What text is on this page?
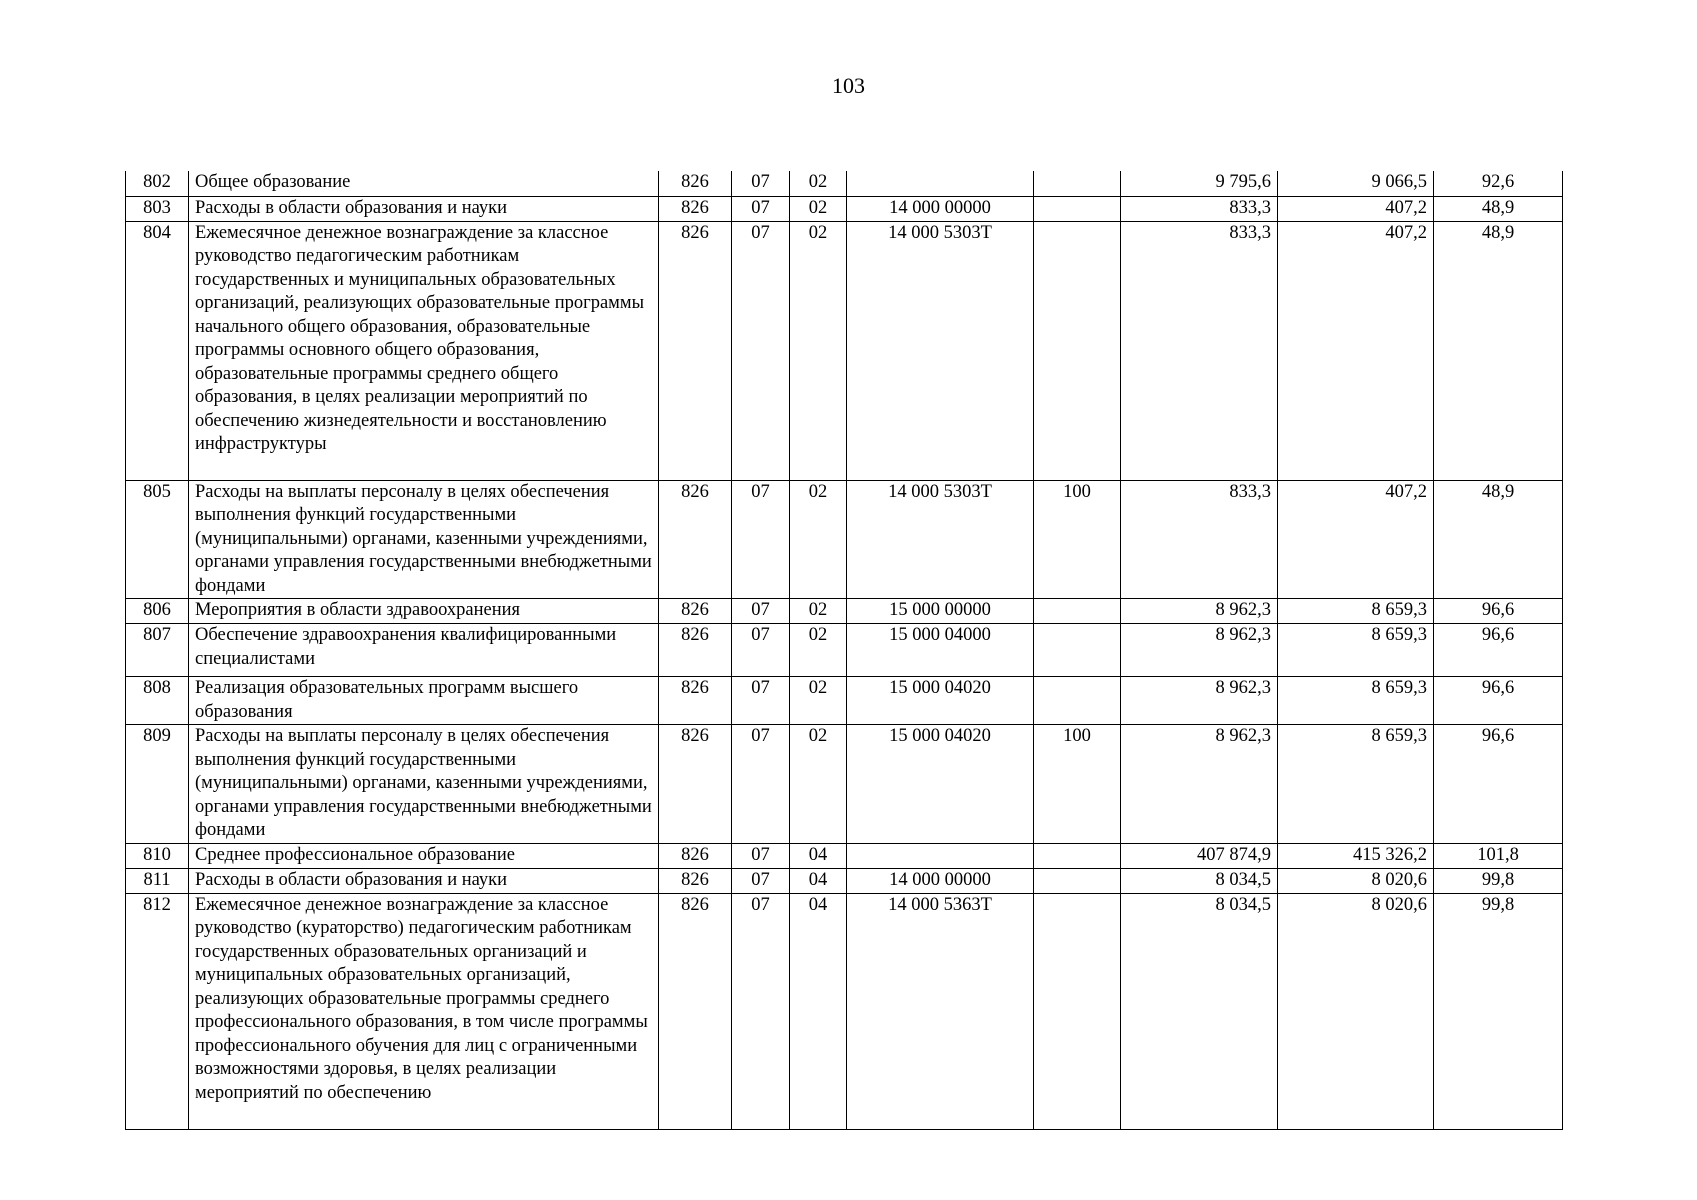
103
802	Общее образование	826	07	02			9 795,6	9 066,5	92,6
803	Расходы в области образования и науки	826	07	02	14 000 00000		833,3	407,2	48,9
804	Ежемесячное денежное вознаграждение за классное руководство педагогическим работникам государственных и муниципальных образовательных организаций, реализующих образовательные программы начального общего образования, образовательные программы основного общего образования, образовательные программы среднего общего образования, в целях реализации мероприятий по обеспечению жизнедеятельности и восстановлению инфраструктуры	826	07	02	14 000 5303Т		833,3	407,2	48,9
805	Расходы на выплаты персоналу в целях обеспечения выполнения функций государственными (муниципальными) органами, казенными учреждениями, органами управления государственными внебюджетными фондами	826	07	02	14 000 5303Т	100	833,3	407,2	48,9
806	Мероприятия в области здравоохранения	826	07	02	15 000 00000		8 962,3	8 659,3	96,6
807	Обеспечение здравоохранения квалифицированными специалистами	826	07	02	15 000 04000		8 962,3	8 659,3	96,6
808	Реализация образовательных программ высшего образования	826	07	02	15 000 04020		8 962,3	8 659,3	96,6
809	Расходы на выплаты персоналу в целях обеспечения выполнения функций государственными (муниципальными) органами, казенными учреждениями, органами управления государственными внебюджетными фондами	826	07	02	15 000 04020	100	8 962,3	8 659,3	96,6
810	Среднее профессиональное образование	826	07	04			407 874,9	415 326,2	101,8
811	Расходы в области образования и науки	826	07	04	14 000 00000		8 034,5	8 020,6	99,8
812	Ежемесячное денежное вознаграждение за классное руководство (кураторство) педагогическим работникам государственных образовательных организаций и муниципальных образовательных организаций, реализующих образовательные программы среднего профессионального образования, в том числе программы профессионального обучения для лиц с ограниченными возможностями здоровья, в целях реализации мероприятий по обеспечению	826	07	04	14 000 5363Т		8 034,5	8 020,6	99,8
